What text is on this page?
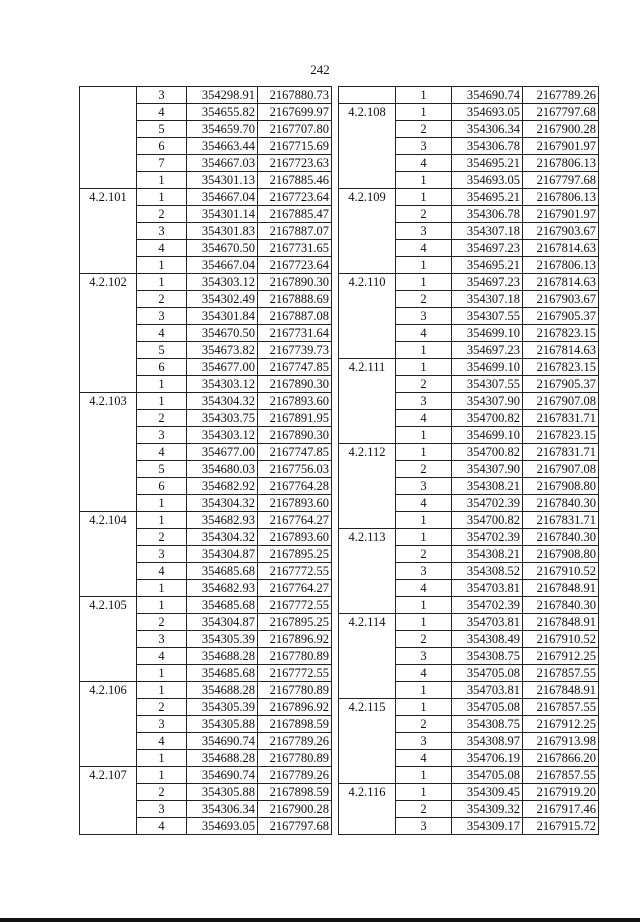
242
	3	354298.91	2167880.73
	4	354655.82	2167699.97
	5	354659.70	2167707.80
	6	354663.44	2167715.69
	7	354667.03	2167723.63
	1	354301.13	2167885.46
4.2.101	1	354667.04	2167723.64
	2	354301.14	2167885.47
	3	354301.83	2167887.07
	4	354670.50	2167731.65
	1	354667.04	2167723.64
4.2.102	1	354303.12	2167890.30
	2	354302.49	2167888.69
	3	354301.84	2167887.08
	4	354670.50	2167731.64
	5	354673.82	2167739.73
	6	354677.00	2167747.85
	1	354303.12	2167890.30
4.2.103	1	354304.32	2167893.60
	2	354303.75	2167891.95
	3	354303.12	2167890.30
	4	354677.00	2167747.85
	5	354680.03	2167756.03
	6	354682.92	2167764.28
	1	354304.32	2167893.60
4.2.104	1	354682.93	2167764.27
	2	354304.32	2167893.60
	3	354304.87	2167895.25
	4	354685.68	2167772.55
	1	354682.93	2167764.27
4.2.105	1	354685.68	2167772.55
	2	354304.87	2167895.25
	3	354305.39	2167896.92
	4	354688.28	2167780.89
	1	354685.68	2167772.55
4.2.106	1	354688.28	2167780.89
	2	354305.39	2167896.92
	3	354305.88	2167898.59
	4	354690.74	2167789.26
	1	354688.28	2167780.89
4.2.107	1	354690.74	2167789.26
	2	354305.88	2167898.59
	3	354306.34	2167900.28
	4	354693.05	2167797.68
	1	354690.74	2167789.26
4.2.108	1	354693.05	2167797.68
	2	354306.34	2167900.28
	3	354306.78	2167901.97
	4	354695.21	2167806.13
	1	354693.05	2167797.68
4.2.109	1	354695.21	2167806.13
	2	354306.78	2167901.97
	3	354307.18	2167903.67
	4	354697.23	2167814.63
	1	354695.21	2167806.13
4.2.110	1	354697.23	2167814.63
	2	354307.18	2167903.67
	3	354307.55	2167905.37
	4	354699.10	2167823.15
	1	354697.23	2167814.63
4.2.111	1	354699.10	2167823.15
	2	354307.55	2167905.37
	3	354307.90	2167907.08
	4	354700.82	2167831.71
	1	354699.10	2167823.15
4.2.112	1	354700.82	2167831.71
	2	354307.90	2167907.08
	3	354308.21	2167908.80
	4	354702.39	2167840.30
	1	354700.82	2167831.71
4.2.113	1	354702.39	2167840.30
	2	354308.21	2167908.80
	3	354308.52	2167910.52
	4	354703.81	2167848.91
	1	354702.39	2167840.30
4.2.114	1	354703.81	2167848.91
	2	354308.49	2167910.52
	3	354308.75	2167912.25
	4	354705.08	2167857.55
	1	354703.81	2167848.91
4.2.115	1	354705.08	2167857.55
	2	354308.75	2167912.25
	3	354308.97	2167913.98
	4	354706.19	2167866.20
	1	354705.08	2167857.55
4.2.116	1	354309.45	2167919.20
	2	354309.32	2167917.46
	3	354309.17	2167915.72
